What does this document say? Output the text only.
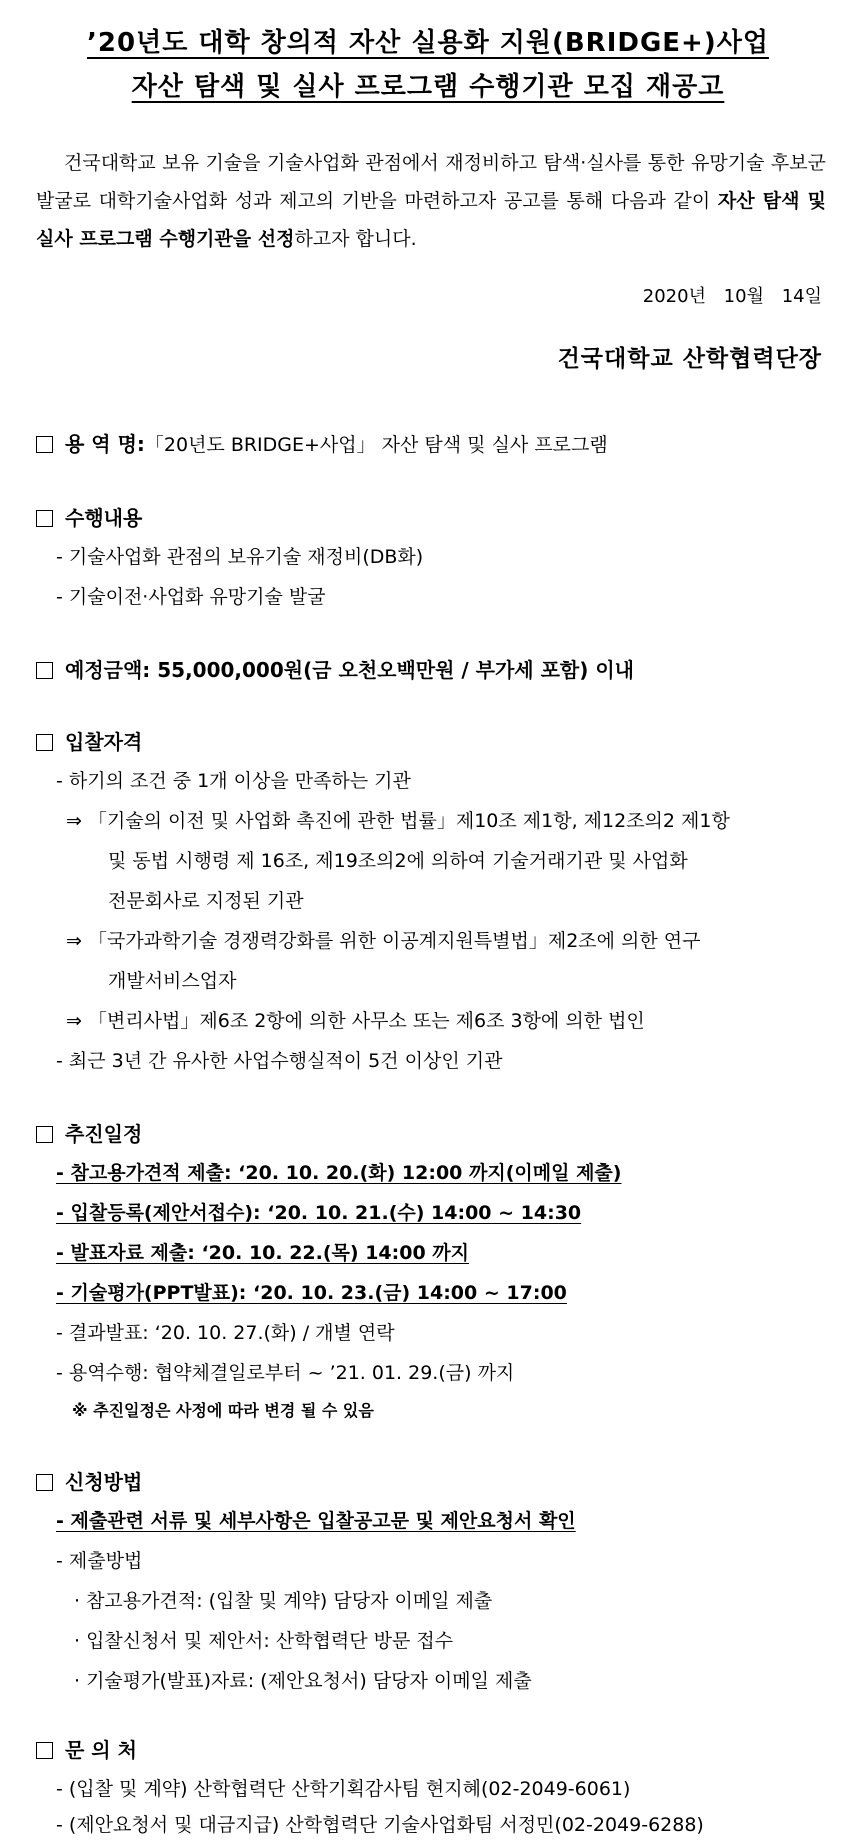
’20년도 대학 창의적 자산 실용화 지원(BRIDGE+)사업
자산 탐색 및 실사 프로그램 수행기관 모집 재공고
건국대학교 보유 기술을 기술사업화 관점에서 재정비하고 탐색·실사를 통한 유망기술 후보군 발굴로 대학기술사업화 성과 제고의 기반을 마련하고자 공고를 통해 다음과 같이 자산 탐색 및 실사 프로그램 수행기관을 선정하고자 합니다.
2020년 10월 14일
건국대학교 산학협력단장
용 역 명:「20년도 BRIDGE+사업」 자산 탐색 및 실사 프로그램
수행내용
- 기술사업화 관점의 보유기술 재정비(DB화)
- 기술이전·사업화 유망기술 발굴
예정금액: 55,000,000원(금 오천오백만원 / 부가세 포함) 이내
입찰자격
- 하기의 조건 중 1개 이상을 만족하는 기관
⇒ 「기술의 이전 및 사업화 촉진에 관한 법률」제10조 제1항, 제12조의2 제1항
및 동법 시행령 제 16조, 제19조의2에 의하여 기술거래기관 및 사업화
전문회사로 지정된 기관
⇒ 「국가과학기술 경쟁력강화를 위한 이공계지원특별법」제2조에 의한 연구
개발서비스업자
⇒ 「변리사법」제6조 2항에 의한 사무소 또는 제6조 3항에 의한 법인
- 최근 3년 간 유사한 사업수행실적이 5건 이상인 기관
추진일정
- 참고용가견적 제출: ‘20. 10. 20.(화) 12:00 까지(이메일 제출)
- 입찰등록(제안서접수): ‘20. 10. 21.(수) 14:00 ~ 14:30
- 발표자료 제출: ‘20. 10. 22.(목) 14:00 까지
- 기술평가(PPT발표): ‘20. 10. 23.(금) 14:00 ~ 17:00
- 결과발표: ‘20. 10. 27.(화) / 개별 연락
- 용역수행: 협약체결일로부터 ~ ’21. 01. 29.(금) 까지
※ 추진일정은 사정에 따라 변경 될 수 있음
신청방법
- 제출관련 서류 및 세부사항은 입찰공고문 및 제안요청서 확인
- 제출방법
· 참고용가견적: (입찰 및 계약) 담당자 이메일 제출
· 입찰신청서 및 제안서: 산학협력단 방문 접수
· 기술평가(발표)자료: (제안요청서) 담당자 이메일 제출
문 의 처
- (입찰 및 계약) 산학협력단 산학기획감사팀 현지혜(02-2049-6061)
- (제안요청서 및 대금지급) 산학협력단 기술사업화팀 서정민(02-2049-6288)
